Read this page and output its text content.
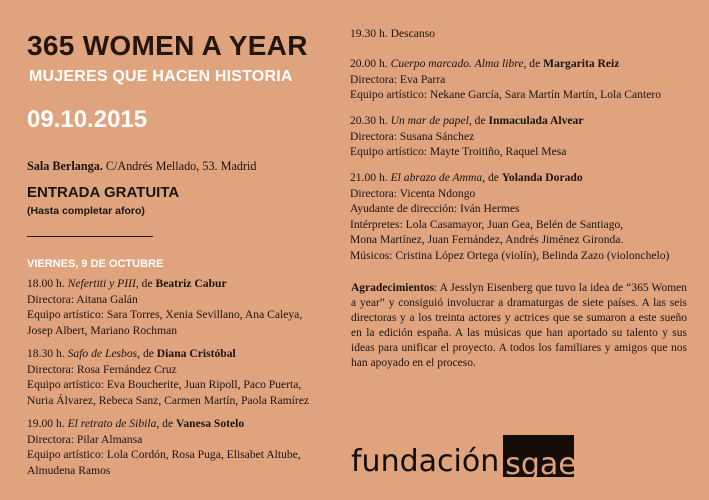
365 WOMEN A YEAR
MUJERES QUE HACEN HISTORIA
09.10.2015
Sala Berlanga. C/Andrés Mellado, 53. Madrid
ENTRADA GRATUITA
(Hasta completar aforo)
VIERNES, 9 DE OCTUBRE
18.00 h. Nefertiti y PIII, de Beatriz Cabur
Directora: Aitana Galán
Equipo artístico: Sara Torres, Xenia Sevillano, Ana Caleya,
Josep Albert, Mariano Rochman
18.30 h. Safo de Lesbos, de Diana Cristóbal
Directora: Rosa Fernández Cruz
Equipo artístico: Eva Boucherite, Juan Ripoll, Paco Puerta,
Nuria Álvarez, Rebeca Sanz, Carmen Martín, Paola Ramírez
19.00 h. El retrato de Sibila, de Vanesa Sotelo
Directora: Pilar Almansa
Equipo artístico: Lola Cordón, Rosa Puga, Elisabet Altube,
Almudena Ramos
19.30 h. Descanso
20.00 h. Cuerpo marcado. Alma libre, de Margarita Reiz
Directora: Eva Parra
Equipo artístico: Nekane García, Sara Martín Martín, Lola Cantero
20.30 h. Un mar de papel, de Inmaculada Alvear
Directora: Susana Sánchez
Equipo artístico: Mayte Troitiño, Raquel Mesa
21.00 h. El abrazo de Amma, de Yolanda Dorado
Directora: Vicenta Ndongo
Ayudante de dirección: Iván Hermes
Intérpretes: Lola Casamayor, Juan Gea, Belén de Santiago,
Mona Martínez, Juan Fernández, Andrés Jiménez Gironda.
Músicos: Cristina López Ortega (violín), Belinda Zazo (violonchelo)
Agradecimientos: A Jesslyn Eisenberg que tuvo la idea de “365 Women a year” y consiguió involucrar a dramaturgas de siete países. A las seis directoras y a los treinta actores y actrices que se sumaron a este sueño en la edición españa. A las músicas que han aportado su talento y sus ideas para unificar el proyecto. A todos los familiares y amigos que nos han apoyado en el proceso.
fundación sgae
